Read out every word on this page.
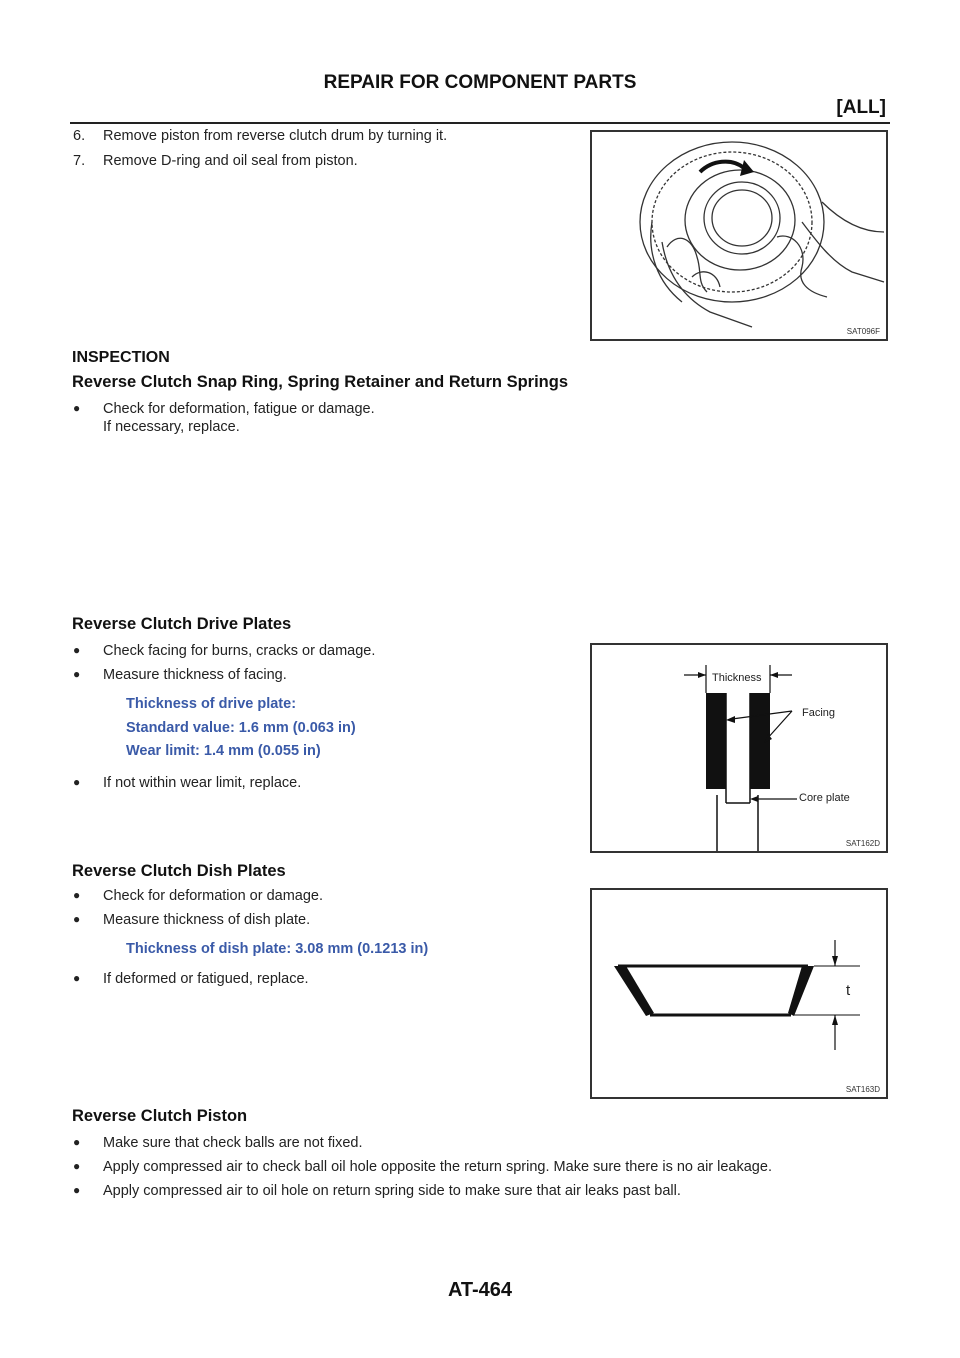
REPAIR FOR COMPONENT PARTS
[ALL]
6. Remove piston from reverse clutch drum by turning it.
7. Remove D-ring and oil seal from piston.
SAT096F
INSPECTION
Reverse Clutch Snap Ring, Spring Retainer and Return Springs
● Check for deformation, fatigue or damage.
If necessary, replace.
Reverse Clutch Drive Plates
● Check facing for burns, cracks or damage.
● Measure thickness of facing.
Thickness of drive plate:
Standard value: 1.6 mm (0.063 in)
Wear limit: 1.4 mm (0.055 in)
● If not within wear limit, replace.
Thickness
Facing
Core plate
SAT162D
Reverse Clutch Dish Plates
● Check for deformation or damage.
● Measure thickness of dish plate.
Thickness of dish plate: 3.08 mm (0.1213 in)
● If deformed or fatigued, replace.
t
SAT163D
Reverse Clutch Piston
● Make sure that check balls are not fixed.
● Apply compressed air to check ball oil hole opposite the return spring. Make sure there is no air leakage.
● Apply compressed air to oil hole on return spring side to make sure that air leaks past ball.
AT-464
